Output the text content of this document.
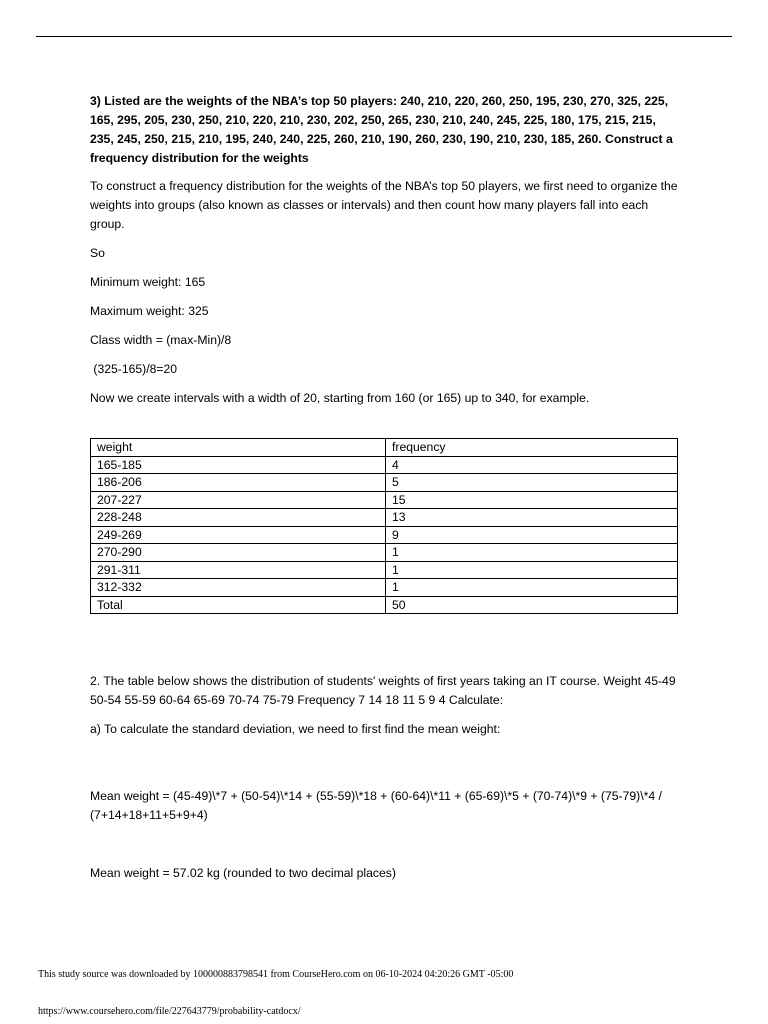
3) Listed are the weights of the NBA’s top 50 players: 240, 210, 220, 260, 250, 195, 230, 270, 325, 225, 165, 295, 205, 230, 250, 210, 220, 210, 230, 202, 250, 265, 230, 210, 240, 245, 225, 180, 175, 215, 215, 235, 245, 250, 215, 210, 195, 240, 240, 225, 260, 210, 190, 260, 230, 190, 210, 230, 185, 260. Construct a frequency distribution for the weights

To construct a frequency distribution for the weights of the NBA’s top 50 players, we first need to organize the weights into groups (also known as classes or intervals) and then count how many players fall into each group.

So

Minimum weight: 165

Maximum weight: 325

Class width = (max-Min)/8

(325-165)/8=20

Now we create intervals with a width of 20, starting from 160 (or 165) up to 340, for example.

weight	frequency
165-185	4
186-206	5
207-227	15
228-248	13
249-269	9
270-290	1
291-311	1
312-332	1
Total	50

2. The table below shows the distribution of students' weights of first years taking an IT course. Weight 45-49 50-54 55-59 60-64 65-69 70-74 75-79 Frequency 7 14 18 11 5 9 4 Calculate:

a) To calculate the standard deviation, we need to first find the mean weight:

Mean weight = (45-49)\*7 + (50-54)\*14 + (55-59)\*18 + (60-64)\*11 + (65-69)\*5 + (70-74)\*9 + (75-79)\*4 / (7+14+18+11+5+9+4)

Mean weight = 57.02 kg (rounded to two decimal places)

This study source was downloaded by 100000883798541 from CourseHero.com on 06-10-2024 04:20:26 GMT -05:00
https://www.coursehero.com/file/227643779/probability-catdocx/
